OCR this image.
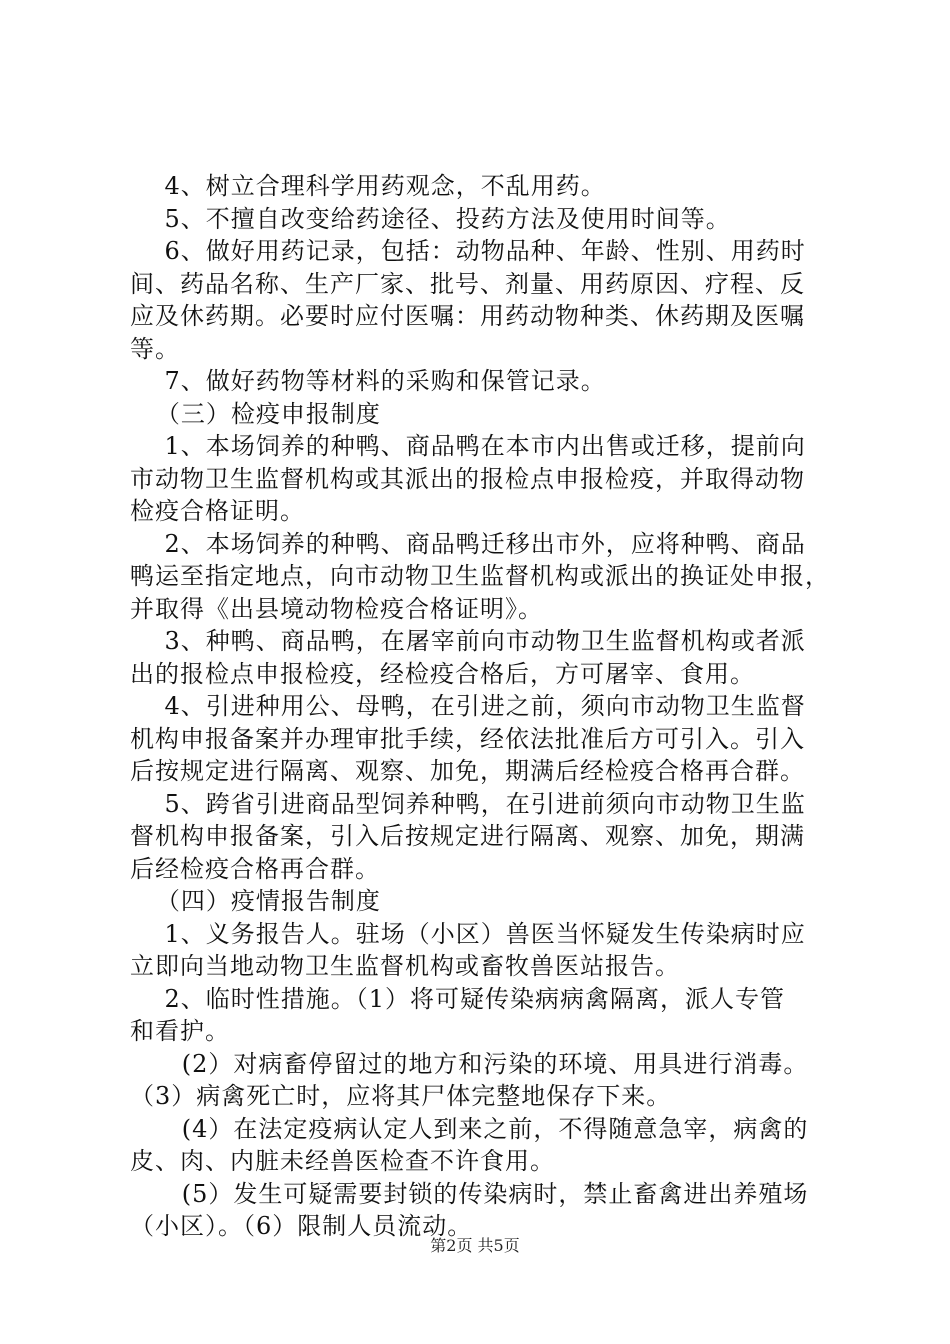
4、树立合理科学用药观念，不乱用药。
5、不擅自改变给药途径、投药方法及使用时间等。
6、做好用药记录，包括：动物品种、年龄、性别、用药时
间、药品名称、生产厂家、批号、剂量、用药原因、疗程、反
应及休药期。必要时应付医嘱：用药动物种类、休药期及医嘱
等。
7、做好药物等材料的采购和保管记录。
（三）检疫申报制度
1、本场饲养的种鸭、商品鸭在本市内出售或迁移，提前向
市动物卫生监督机构或其派出的报检点申报检疫，并取得动物
检疫合格证明。
2、本场饲养的种鸭、商品鸭迁移出市外，应将种鸭、商品
鸭运至指定地点，向市动物卫生监督机构或派出的换证处申报，
并取得《出县境动物检疫合格证明》。
3、种鸭、商品鸭，在屠宰前向市动物卫生监督机构或者派
出的报检点申报检疫，经检疫合格后，方可屠宰、食用。
4、引进种用公、母鸭，在引进之前，须向市动物卫生监督
机构申报备案并办理审批手续，经依法批准后方可引入。引入
后按规定进行隔离、观察、加免，期满后经检疫合格再合群。
5、跨省引进商品型饲养种鸭，在引进前须向市动物卫生监
督机构申报备案，引入后按规定进行隔离、观察、加免，期满
后经检疫合格再合群。
（四）疫情报告制度
1、义务报告人。驻场（小区）兽医当怀疑发生传染病时应
立即向当地动物卫生监督机构或畜牧兽医站报告。
2、临时性措施。（1）将可疑传染病病禽隔离，派人专管
和看护。
(2）对病畜停留过的地方和污染的环境、用具进行消毒。
（3）病禽死亡时，应将其尸体完整地保存下来。
(4）在法定疫病认定人到来之前，不得随意急宰，病禽的
皮、肉、内脏未经兽医检查不许食用。
(5）发生可疑需要封锁的传染病时，禁止畜禽进出养殖场
（小区）。（6）限制人员流动。
第2页 共5页
